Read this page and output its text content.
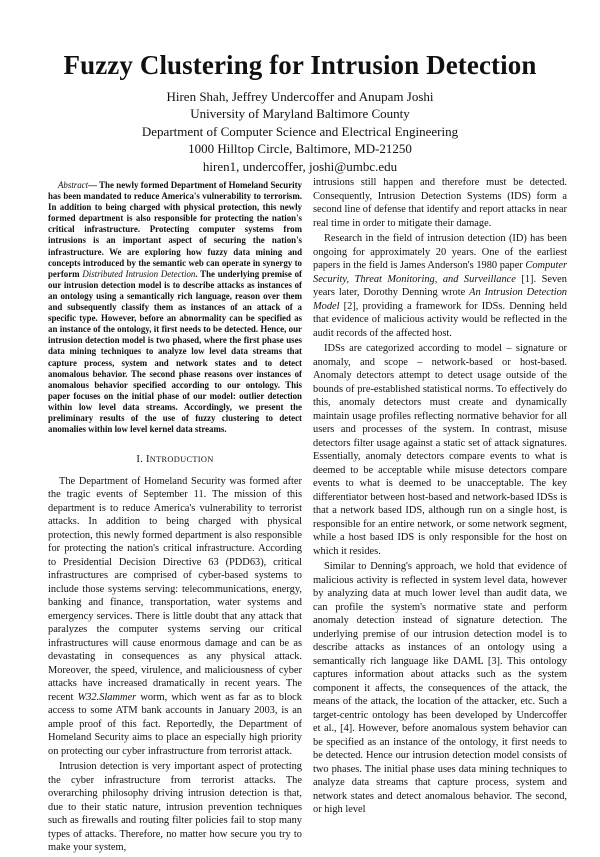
Fuzzy Clustering for Intrusion Detection
Hiren Shah, Jeffrey Undercoffer and Anupam Joshi
University of Maryland Baltimore County
Department of Computer Science and Electrical Engineering
1000 Hilltop Circle, Baltimore, MD-21250
hiren1, undercoffer, joshi@umbc.edu
Abstract— The newly formed Department of Homeland Security has been mandated to reduce America's vulnerability to terrorism. In addition to being charged with physical protection, this newly formed department is also responsible for protecting the nation's critical infrastructure. Protecting computer systems from intrusions is an important aspect of securing the nation's infrastructure. We are exploring how fuzzy data mining and concepts introduced by the semantic web can operate in synergy to perform Distributed Intrusion Detection. The underlying premise of our intrusion detection model is to describe attacks as instances of an ontology using a semantically rich language, reason over them and subsequently classify them as instances of an attack of a specific type. However, before an abnormality can be specified as an instance of the ontology, it first needs to be detected. Hence, our intrusion detection model is two phased, where the first phase uses data mining techniques to analyze low level data streams that capture process, system and network states and to detect anomalous behavior. The second phase reasons over instances of anomalous behavior specified according to our ontology. This paper focuses on the initial phase of our model: outlier detection within low level data streams. Accordingly, we present the preliminary results of the use of fuzzy clustering to detect anomalies within low level kernel data streams.
I. INTRODUCTION

The Department of Homeland Security was formed after the tragic events of September 11. The mission of this department is to reduce America's vulnerability to terrorist attacks. In addition to being charged with physical protection, this newly formed department is also responsible for protecting the nation's critical infrastructure. According to Presidential Decision Directive 63 (PDD63), critical infrastructures are comprised of cyber-based systems to include those systems serving: telecommunications, energy, banking and finance, transportation, water systems and emergency services. There is little doubt that any attack that paralyzes the computer systems serving our critical infrastructures will cause enormous damage and can be as devastating in consequences as any physical attack. Moreover, the speed, virulence, and maliciousness of cyber attacks have increased dramatically in recent years. The recent W32.Slammer worm, which went as far as to block access to some ATM bank accounts in January 2003, is an ample proof of this fact. Reportedly, the Department of Homeland Security aims to place an especially high priority on protecting our cyber infrastructure from terrorist attack.

Intrusion detection is very important aspect of protecting the cyber infrastructure from terrorist attacks. The overarching philosophy driving intrusion detection is that, due to their static nature, intrusion prevention techniques such as firewalls and routing filter policies fail to stop many types of attacks. Therefore, no matter how secure you try to make your system,

intrusions still happen and therefore must be detected. Consequently, Intrusion Detection Systems (IDS) form a second line of defense that identify and report attacks in near real time in order to mitigate their damage.

Research in the field of intrusion detection (ID) has been ongoing for approximately 20 years. One of the earliest papers in the field is James Anderson's 1980 paper Computer Security, Threat Monitoring, and Surveillance [1]. Seven years later, Dorothy Denning wrote An Intrusion Detection Model [2], providing a framework for IDSs. Denning held that evidence of malicious activity would be reflected in the audit records of the affected host.

IDSs are categorized according to model – signature or anomaly, and scope – network-based or host-based. Anomaly detectors attempt to detect usage outside of the bounds of pre-established statistical norms. To effectively do this, anomaly detectors must create and dynamically maintain usage profiles reflecting normative behavior for all users and processes of the system. In contrast, misuse detectors filter usage against a static set of attack signatures. Essentially, anomaly detectors compare events to what is deemed to be acceptable while misuse detectors compare events to what is deemed to be unacceptable. The key differentiator between host-based and network-based IDSs is that a network based IDS, although run on a single host, is responsible for an entire network, or some network segment, while a host based IDS is only responsible for the host on which it resides.

Similar to Denning's approach, we hold that evidence of malicious activity is reflected in system level data, however by analyzing data at much lower level than audit data, we can profile the system's normative state and perform anomaly detection instead of signature detection. The underlying premise of our intrusion detection model is to describe attacks as instances of an ontology using a semantically rich language like DAML [3]. This ontology captures information about attacks such as the system component it affects, the consequences of the attack, the means of the attack, the location of the attacker, etc. Such a target-centric ontology has been developed by Undercoffer et al., [4]. However, before anomalous system behavior can be specified as an instance of the ontology, it first needs to be detected. Hence our intrusion detection model consists of two phases. The initial phase uses data mining techniques to analyze data streams that capture process, system and network states and detect anomalous behavior. The second, or high level
